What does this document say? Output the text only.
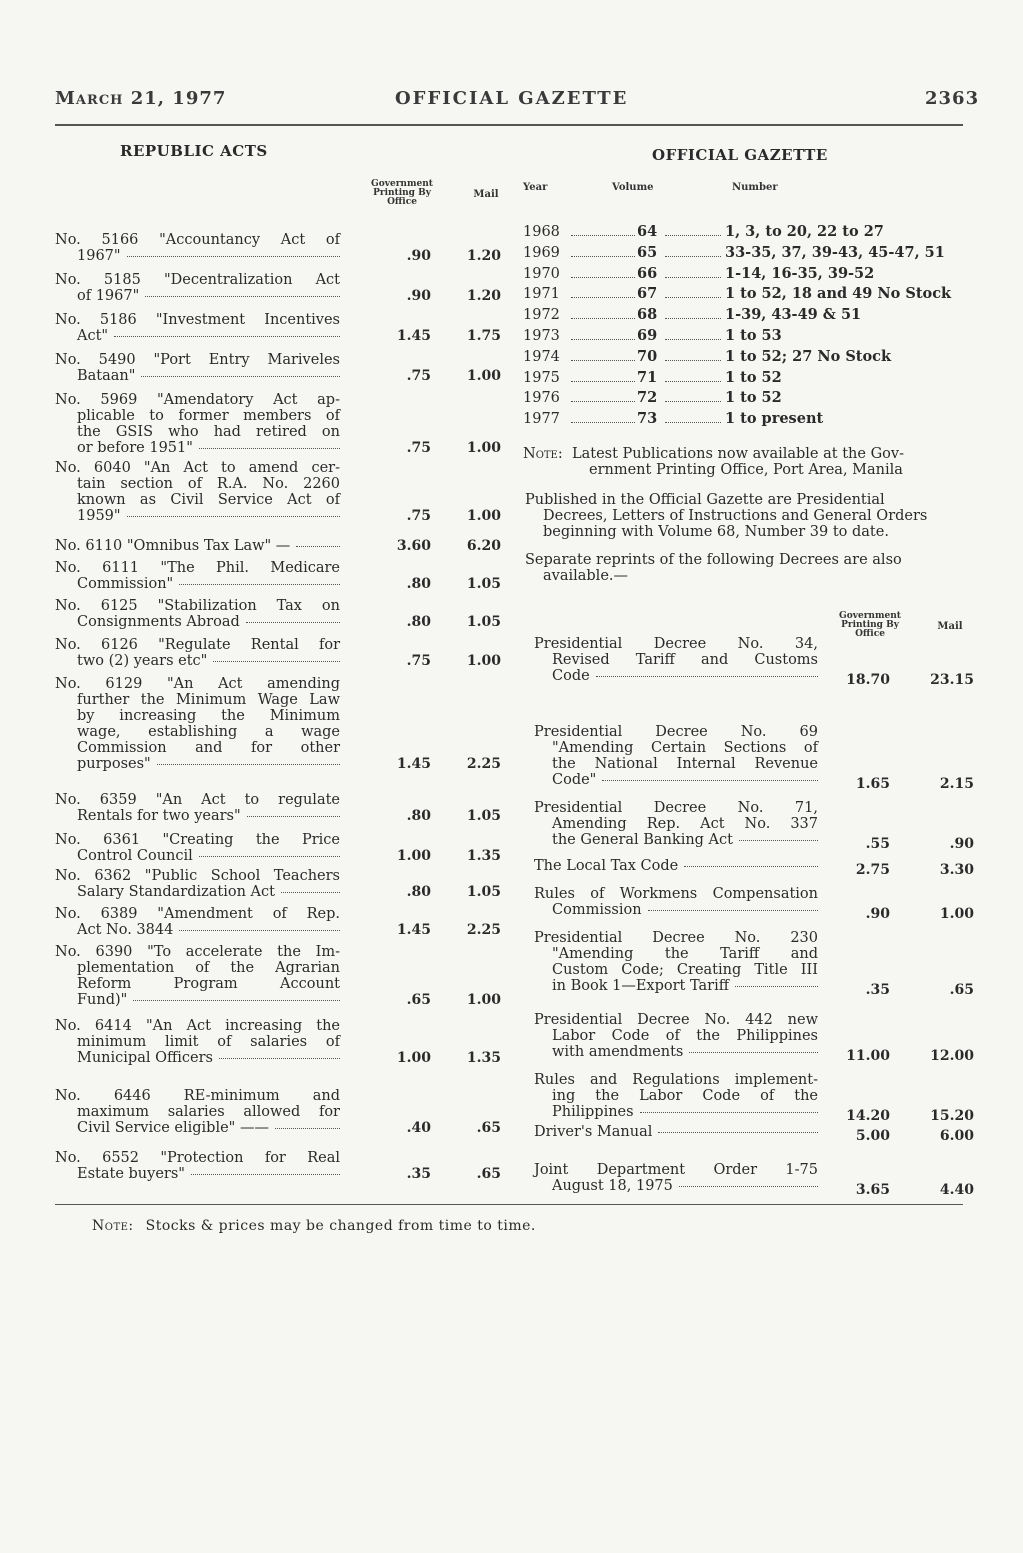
March 21, 1977	OFFICIAL GAZETTE	2363
REPUBLIC ACTS
Government
Printing By
Office
Mail
No. 5166 "Accountancy Act of
1967"	.90	1.20
No. 5185 "Decentralization Act
of 1967"	.90	1.20
No. 5186 "Investment Incentives
Act"	1.45	1.75
No. 5490 "Port Entry Mariveles
Bataan"	.75	1.00
No. 5969 "Amendatory Act ap-
plicable to former members of
the GSIS who had retired on
or before 1951"	.75	1.00
No. 6040 "An Act to amend cer-
tain section of R.A. No. 2260
known as Civil Service Act of
1959"	.75	1.00
No. 6110 "Omnibus Tax Law" —	3.60	6.20
No. 6111 "The Phil. Medicare
Commission"	.80	1.05
No. 6125 "Stabilization Tax on
Consignments Abroad	.80	1.05
No. 6126 "Regulate Rental for
two (2) years etc"	.75	1.00
No. 6129 "An Act amending
further the Minimum Wage Law
by increasing the Minimum
wage, establishing a wage
Commission and for other
purposes"	1.45	2.25
No. 6359 "An Act to regulate
Rentals for two years"	.80	1.05
No. 6361 "Creating the Price
Control Council	1.00	1.35
No. 6362 "Public School Teachers
Salary Standardization Act	.80	1.05
No. 6389 "Amendment of Rep.
Act No. 3844	1.45	2.25
No. 6390 "To accelerate the Im-
plementation of the Agrarian
Reform Program Account
Fund)"	.65	1.00
No. 6414 "An Act increasing the
minimum limit of salaries of
Municipal Officers	1.00	1.35
No. 6446 RE-minimum and
maximum salaries allowed for
Civil Service eligible" ——	.40	.65
No. 6552 "Protection for Real
Estate buyers"	.35	.65
OFFICIAL GAZETTE
Year	Volume	Number
1968	64	1, 3, to 20, 22 to 27
1969	65	33-35, 37, 39-43, 45-47, 51
1970	66	1-14, 16-35, 39-52
1971	67	1 to 52, 18 and 49 No Stock
1972	68	1-39, 43-49 & 51
1973	69	1 to 53
1974	70	1 to 52; 27 No Stock
1975	71	1 to 52
1976	72	1 to 52
1977	73	1 to present
Note: Latest Publications now available at the Gov-
ernment Printing Office, Port Area, Manila
Published in the Official Gazette are Presidential
Decrees, Letters of Instructions and General Orders
beginning with Volume 68, Number 39 to date.
Separate reprints of the following Decrees are also
available.—
Government
Printing By
Office
Mail
Presidential Decree No. 34,
Revised Tariff and Customs
Code	18.70	23.15
Presidential Decree No. 69
"Amending Certain Sections of
the National Internal Revenue
Code"	1.65	2.15
Presidential Decree No. 71,
Amending Rep. Act No. 337
the General Banking Act	.55	.90
The Local Tax Code	2.75	3.30
Rules of Workmens Compensation
Commission	.90	1.00
Presidential Decree No. 230
"Amending the Tariff and
Custom Code; Creating Title III
in Book 1—Export Tariff	.35	.65
Presidential Decree No. 442 new
Labor Code of the Philippines
with amendments	11.00	12.00
Rules and Regulations implement-
ing the Labor Code of the
Philippines	14.20	15.20
Driver's Manual	5.00	6.00
Joint Department Order 1-75
August 18, 1975	3.65	4.40
Note: Stocks & prices may be changed from time to time.
